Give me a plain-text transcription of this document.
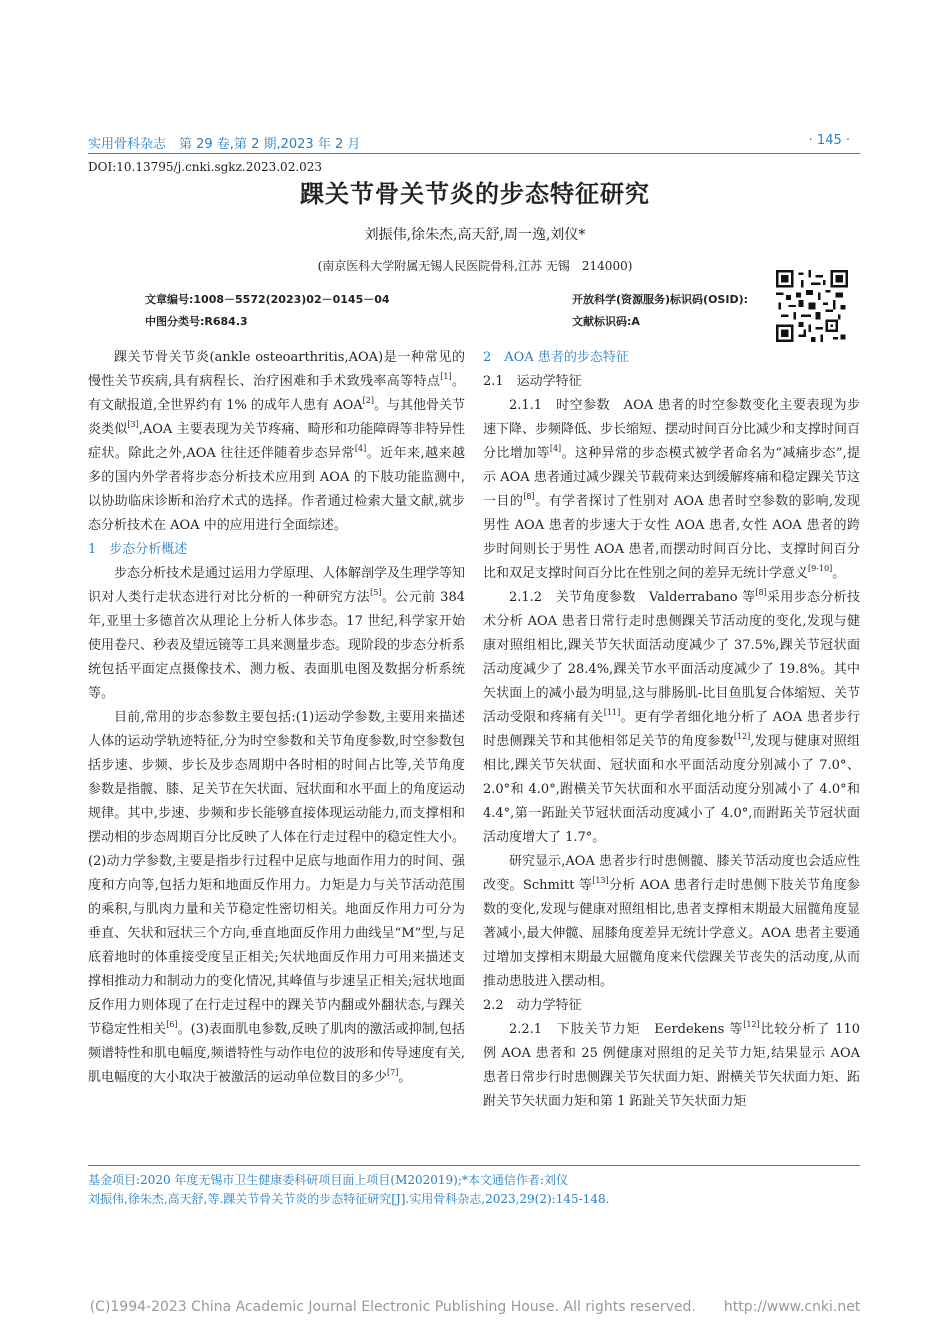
实用骨科杂志　第 29 卷,第 2 期,2023 年 2 月	· 145 ·
DOI:10.13795/j.cnki.sgkz.2023.02.023
踝关节骨关节炎的步态特征研究
刘振伟,徐朱杰,高天舒,周一逸,刘仪*
(南京医科大学附属无锡人民医院骨科,江苏 无锡　214000)
文章编号:1008－5572(2023)02－0145－04
中图分类号:R684.3
开放科学(资源服务)标识码(OSID):
文献标识码:A

踝关节骨关节炎(ankle osteoarthritis,AOA)是一种常见的慢性关节疾病,具有病程长、治疗困难和手术致残率高等特点[1]。有文献报道,全世界约有 1% 的成年人患有 AOA[2]。与其他骨关节炎类似[3],AOA 主要表现为关节疼痛、畸形和功能障碍等非特异性症状。除此之外,AOA 往往还伴随着步态异常[4]。近年来,越来越多的国内外学者将步态分析技术应用到 AOA 的下肢功能监测中,以协助临床诊断和治疗术式的选择。作者通过检索大量文献,就步态分析技术在 AOA 中的应用进行全面综述。

1　步态分析概述

步态分析技术是通过运用力学原理、人体解剖学及生理学等知识对人类行走状态进行对比分析的一种研究方法[5]。公元前 384 年,亚里士多德首次从理论上分析人体步态。17 世纪,科学家开始使用卷尺、秒表及望远镜等工具来测量步态。现阶段的步态分析系统包括平面定点摄像技术、测力板、表面肌电图及数据分析系统等。

目前,常用的步态参数主要包括:(1)运动学参数,主要用来描述人体的运动学轨迹特征,分为时空参数和关节角度参数,时空参数包括步速、步频、步长及步态周期中各时相的时间占比等,关节角度参数是指髋、膝、足关节在矢状面、冠状面和水平面上的角度运动规律。其中,步速、步频和步长能够直接体现运动能力,而支撑相和摆动相的步态周期百分比反映了人体在行走过程中的稳定性大小。(2)动力学参数,主要是指步行过程中足底与地面作用力的时间、强度和方向等,包括力矩和地面反作用力。力矩是力与关节活动范围的乘积,与肌肉力量和关节稳定性密切相关。地面反作用力可分为垂直、矢状和冠状三个方向,垂直地面反作用力曲线呈“M”型,与足底着地时的体重接受度呈正相关;矢状地面反作用力可用来描述支撑相推动力和制动力的变化情况,其峰值与步速呈正相关;冠状地面反作用力则体现了在行走过程中的踝关节内翻或外翻状态,与踝关节稳定性相关[6]。(3)表面肌电参数,反映了肌肉的激活或抑制,包括频谱特性和肌电幅度,频谱特性与动作电位的波形和传导速度有关,肌电幅度的大小取决于被激活的运动单位数目的多少[7]。

2　AOA 患者的步态特征

2.1　运动学特征

2.1.1　时空参数　AOA 患者的时空参数变化主要表现为步速下降、步频降低、步长缩短、摆动时间百分比减少和支撑时间百分比增加等[4]。这种异常的步态模式被学者命名为“减痛步态”,提示 AOA 患者通过减少踝关节载荷来达到缓解疼痛和稳定踝关节这一目的[8]。有学者探讨了性别对 AOA 患者时空参数的影响,发现男性 AOA 患者的步速大于女性 AOA 患者,女性 AOA 患者的跨步时间则长于男性 AOA 患者,而摆动时间百分比、支撑时间百分比和双足支撑时间百分比在性别之间的差异无统计学意义[9-10]。

2.1.2　关节角度参数　Valderrabano 等[8]采用步态分析技术分析 AOA 患者日常行走时患侧踝关节活动度的变化,发现与健康对照组相比,踝关节矢状面活动度减少了 37.5%,踝关节冠状面活动度减少了 28.4%,踝关节水平面活动度减少了 19.8%。其中矢状面上的减小最为明显,这与腓肠肌-比目鱼肌复合体缩短、关节活动受限和疼痛有关[11]。更有学者细化地分析了 AOA 患者步行时患侧踝关节和其他相邻足关节的角度参数[12],发现与健康对照组相比,踝关节矢状面、冠状面和水平面活动度分别减小了 7.0°、2.0°和 4.0°,跗横关节矢状面和水平面活动度分别减小了 4.0°和 4.4°,第一跖趾关节冠状面活动度减小了 4.0°,而跗跖关节冠状面活动度增大了 1.7°。

研究显示,AOA 患者步行时患侧髋、膝关节活动度也会适应性改变。Schmitt 等[13]分析 AOA 患者行走时患侧下肢关节角度参数的变化,发现与健康对照组相比,患者支撑相末期最大屈髋角度显著减小,最大伸髋、屈膝角度差异无统计学意义。AOA 患者主要通过增加支撑相末期最大屈髋角度来代偿踝关节丧失的活动度,从而推动患肢进入摆动相。

2.2　动力学特征

2.2.1　下肢关节力矩　Eerdekens 等[12]比较分析了 110 例 AOA 患者和 25 例健康对照组的足关节力矩,结果显示 AOA 患者日常步行时患侧踝关节矢状面力矩、跗横关节矢状面力矩、跖跗关节矢状面力矩和第 1 跖趾关节矢状面力矩

基金项目:2020 年度无锡市卫生健康委科研项目面上项目(M202019);*本文通信作者:刘仪
刘振伟,徐朱杰,高天舒,等.踝关节骨关节炎的步态特征研究[J].实用骨科杂志,2023,29(2):145-148.
(C)1994-2023 China Academic Journal Electronic Publishing House. All rights reserved.　　http://www.cnki.net
